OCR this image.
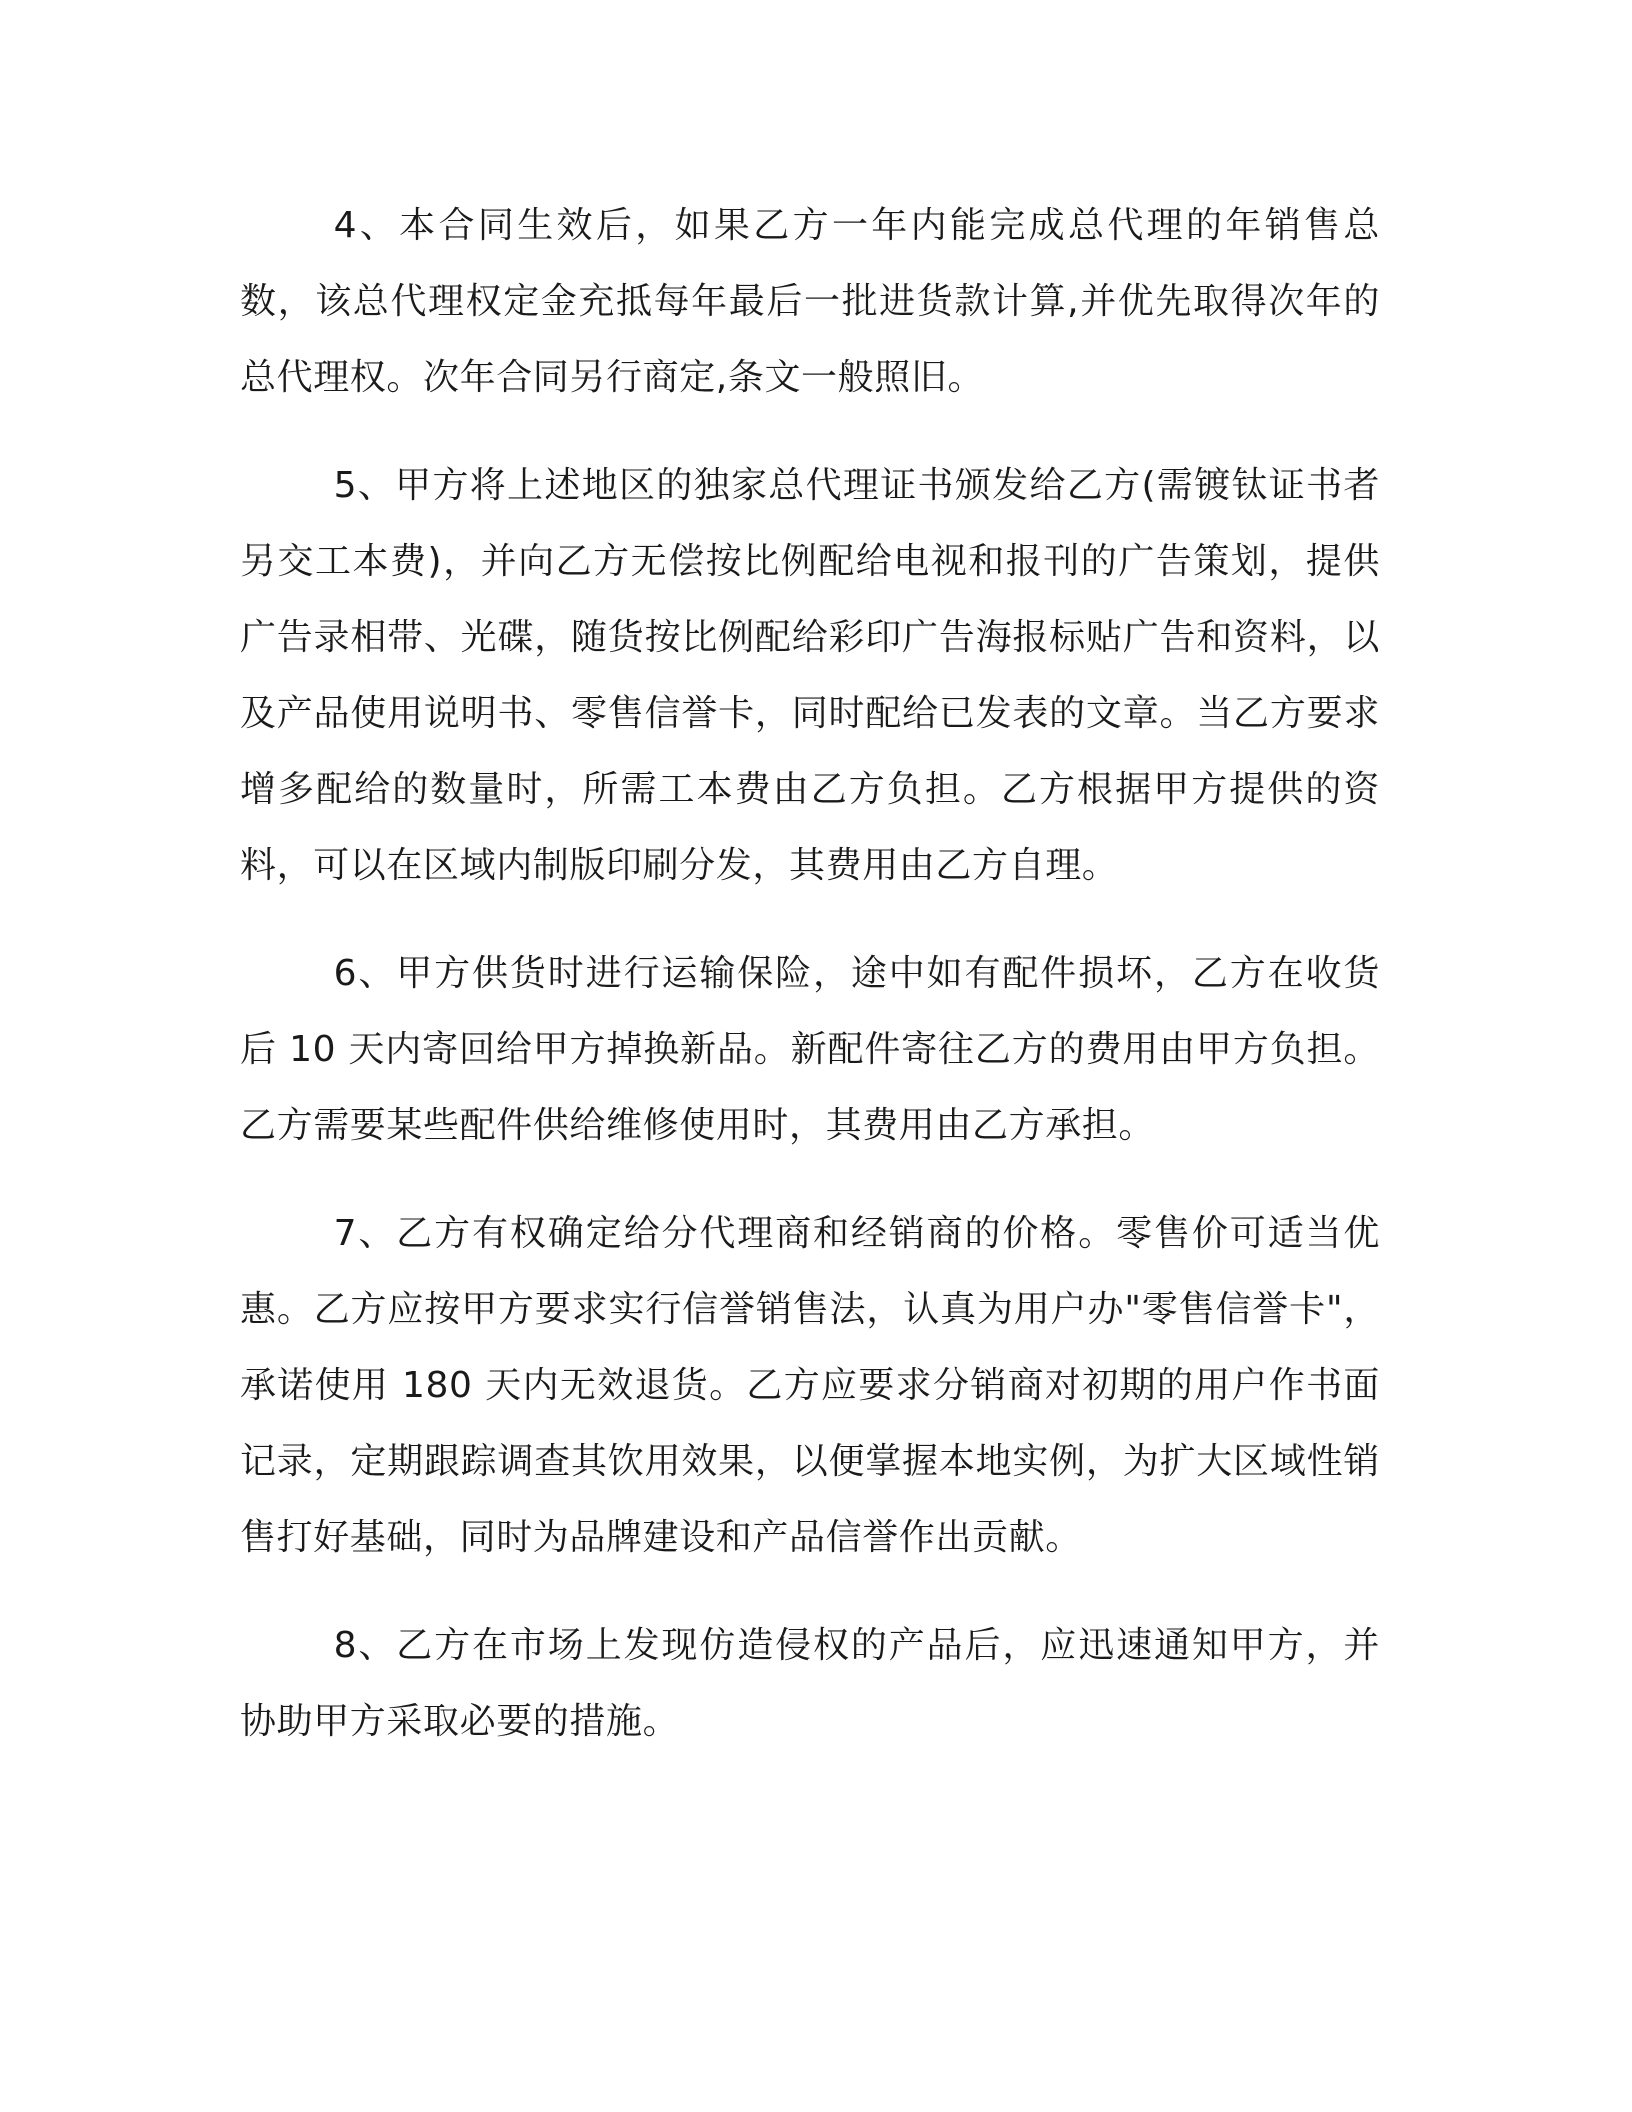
4、本合同生效后，如果乙方一年内能完成总代理的年销售总数，该总代理权定金充抵每年最后一批进货款计算,并优先取得次年的总代理权。次年合同另行商定,条文一般照旧。

5、甲方将上述地区的独家总代理证书颁发给乙方(需镀钛证书者另交工本费)，并向乙方无偿按比例配给电视和报刊的广告策划，提供广告录相带、光碟，随货按比例配给彩印广告海报标贴广告和资料，以及产品使用说明书、零售信誉卡，同时配给已发表的文章。当乙方要求增多配给的数量时，所需工本费由乙方负担。乙方根据甲方提供的资料，可以在区域内制版印刷分发，其费用由乙方自理。

6、甲方供货时进行运输保险，途中如有配件损坏，乙方在收货后 10 天内寄回给甲方掉换新品。新配件寄往乙方的费用由甲方负担。乙方需要某些配件供给维修使用时，其费用由乙方承担。

7、乙方有权确定给分代理商和经销商的价格。零售价可适当优惠。乙方应按甲方要求实行信誉销售法，认真为用户办"零售信誉卡"，承诺使用 180 天内无效退货。乙方应要求分销商对初期的用户作书面记录，定期跟踪调查其饮用效果，以便掌握本地实例，为扩大区域性销售打好基础，同时为品牌建设和产品信誉作出贡献。

8、乙方在市场上发现仿造侵权的产品后，应迅速通知甲方，并协助甲方采取必要的措施。
